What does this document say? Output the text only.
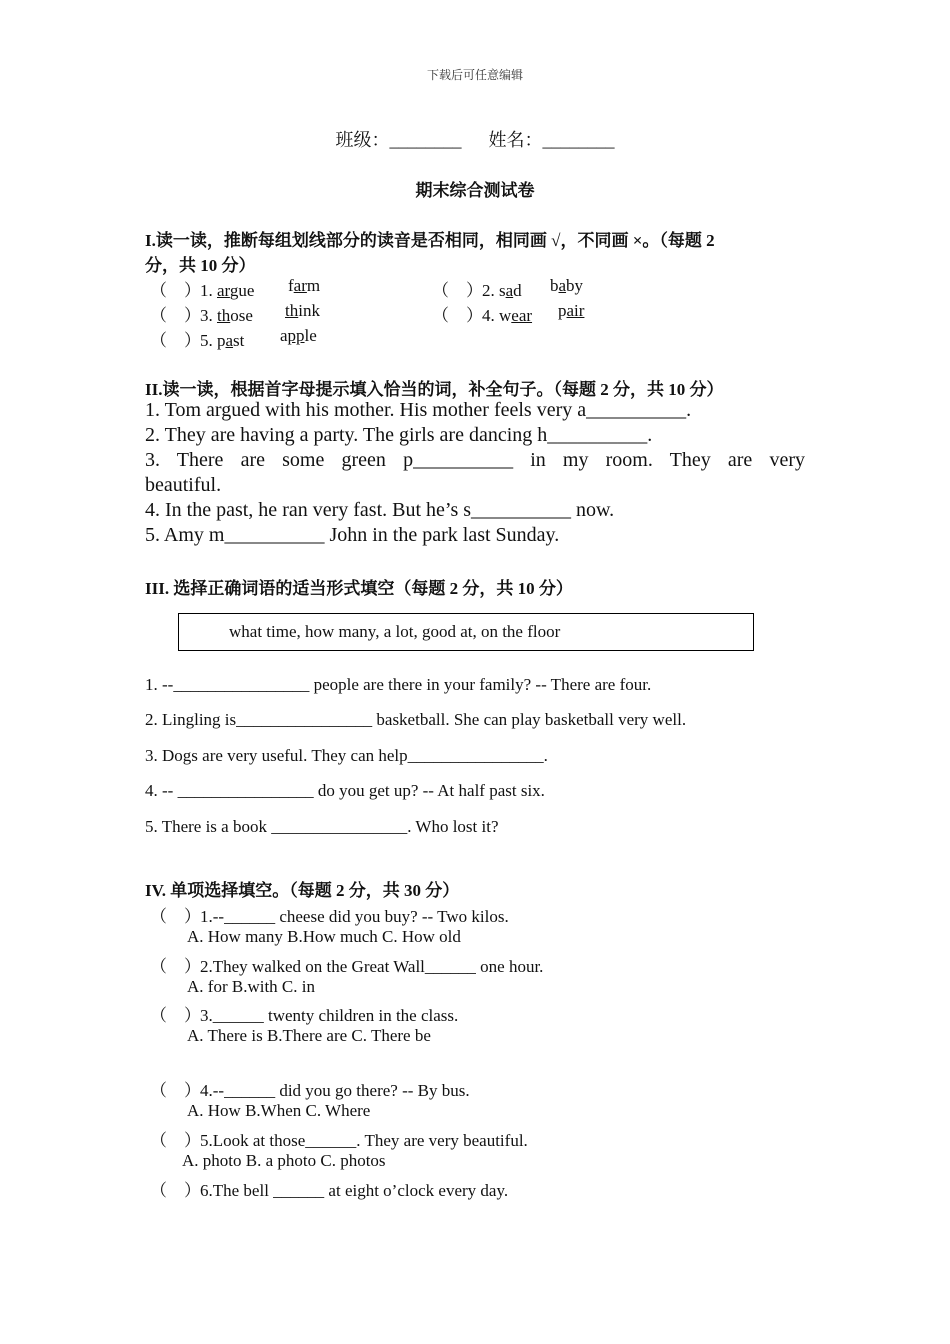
下载后可任意编辑
班级：________ 姓名：________
期末综合测试卷
I.读一读，推断每组划线部分的读音是否相同，相同画 √，不同画 ×。（每题 2
分，共 10 分）
（　）1. argue farm	（　）2. sad baby
（　）3. those think	（　）4. wear pair
（　）5. past apple
II.读一读，根据首字母提示填入恰当的词，补全句子。（每题 2 分，共 10 分）
1. Tom argued with his mother. His mother feels very a__________.
2. They are having a party. The girls are dancing h__________.
3. There are some green p__________ in my room. They are very
beautiful.
4. In the past, he ran very fast. But he’s s__________ now.
5. Amy m__________ John in the park last Sunday.
III. 选择正确词语的适当形式填空（每题 2 分，共 10 分）
what time, how many, a lot, good at, on the floor
1. --________________ people are there in your family? -- There are four.
2. Lingling is________________ basketball. She can play basketball very well.
3. Dogs are very useful. They can help________________.
4. -- ________________ do you get up? -- At half past six.
5. There is a book ________________. Who lost it?
IV. 单项选择填空。（每题 2 分，共 30 分）
（　）1.--______ cheese did you buy? -- Two kilos.
A. How many B.How much C. How old
（　）2.They walked on the Great Wall______ one hour.
A. for B.with C. in
（　）3.______ twenty children in the class.
A. There is B.There are C. There be
（　）4.--______ did you go there? -- By bus.
A. How B.When C. Where
（　）5.Look at those______. They are very beautiful.
A. photo B. a photo C. photos
（　）6.The bell ______ at eight o’clock every day.
